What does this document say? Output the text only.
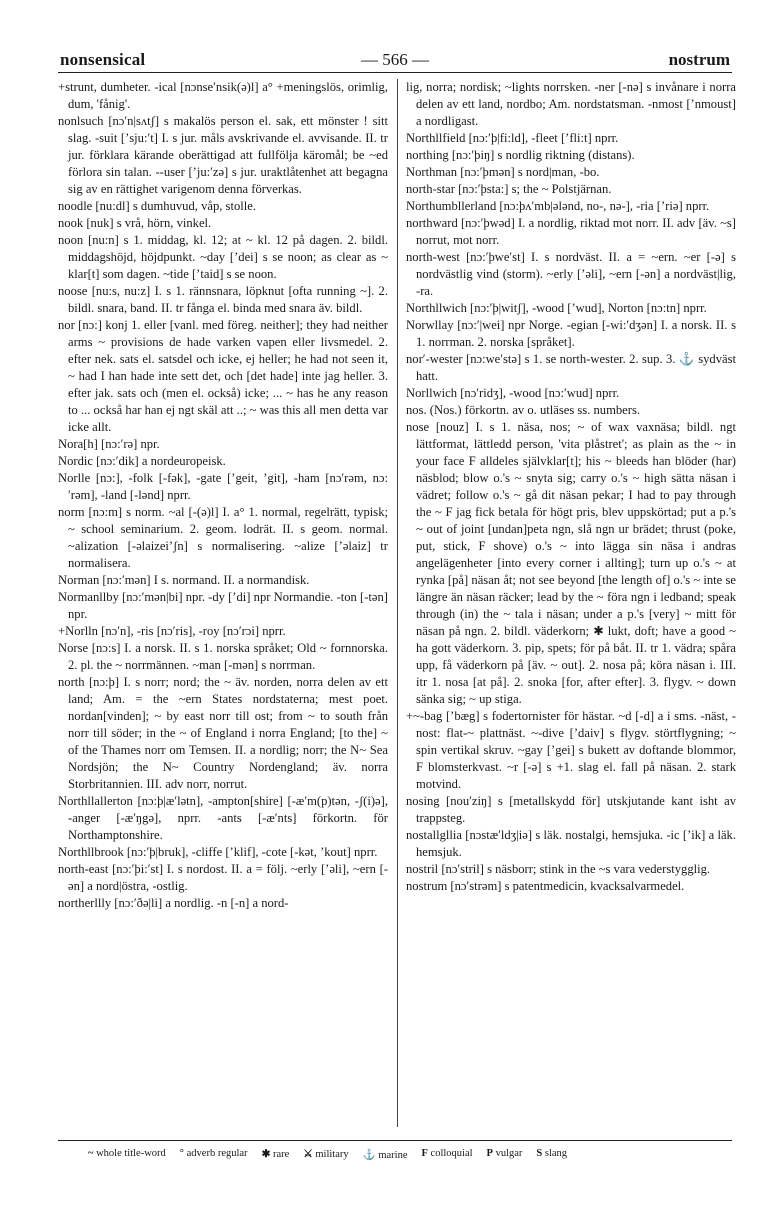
nonsensical	— 566 —	nostrum

+strunt, dumheter. -ical [nɔnse′nsik(ə)l] a° +meningslös, orimlig, dum, 'fånig'.

nonlsuch [nɔ′n|sʌtʃ] s makalös person el. sak, ett mönster ! sitt slag. -suit [ʼsju:′t] I. s jur. måls avskrivande el. avvisande. II. tr jur. förklara kärande oberättigad att fullfölja käromål; be ~ed förlora sin talan. --user [ʼju:′zə] s jur. uraktlåtenhet att begagna sig av en rättighet varigenom denna förverkas.

noodle [nu:dl] s dumhuvud, våp, stolle.

nook [nuk] s vrå, hörn, vinkel.

noon [nu:n] s 1. middag, kl. 12; at ~ kl. 12 på dagen. 2. bildl. middagshöjd, höjdpunkt. ~day [ʼdei] s se noon; as clear as ~ klar[t] som dagen. ~tide [ʼtaid] s se noon.

noose [nu:s, nu:z] I. s 1. rännsnara, löpknut [ofta running ~]. 2. bildl. snara, band. II. tr fånga el. binda med snara äv. bildl.

nor [nɔ:] konj 1. eller [vanl. med föreg. neither]; they had neither arms ~ provisions de hade varken vapen eller livsmedel. 2. efter nek. sats el. satsdel och icke, ej heller; he had not seen it, ~ had I han hade inte sett det, och [det hade] inte jag heller. 3. efter jak. sats och (men el. också) icke; ... ~ has he any reason to ... också har han ej ngt skäl att ..; ~ was this all men detta var icke allt.

Nora[h] [nɔ:′rə] npr.

Nordic [nɔ:′dik] a nordeuropeisk.

Norlle [nɔ:], -folk [-fək], -gate [ʼgeit, ʼgit], -ham [nɔ′rəm, nɔ:′rəm], -land [-lənd] nprr.

norm [nɔ:m] s norm. ~al [-(ə)l] I. a° 1. normal, regelrätt, typisk; ~ school seminarium. 2. geom. lodrät. II. s geom. normal. ~alization [-əlaizeiʼʃn] s normalisering. ~alize [ʼəlaiz] tr normalisera.

Norman [nɔ:′mən] I s. normand. II. a normandisk.

Normanllby [nɔ:′mən|bi] npr. -dy [ʼdi] npr Normandie. -ton [-tən] npr.

+Norlln [nɔ′n], -ris [nɔ′ris], -roy [nɔ′rɔi] nprr.

Norse [nɔ:s] I. a norsk. II. s 1. norska språket; Old ~ fornnorska. 2. pl. the ~ norrmännen. ~man [-mən] s norrman.

north [nɔ:þ] I. s norr; nord; the ~ äv. norden, norra delen av ett land; Am. = the ~ern States nordstaterna; mest poet. nordan[vinden]; ~ by east norr till ost; from ~ to south från norr till söder; in the ~ of England i norra England; [to the] ~ of the Thames norr om Temsen. II. a nordlig; norr; the N~ Sea Nordsjön; the N~ Country Nordengland; äv. norra Storbritannien. III. adv norr, norrut.

Northllallerton [nɔ:þ|æ′lətn], -ampton[shire] [-æ′m(p)tən, -ʃ(i)ə], -anger [-æ′ŋgə], nprr. -ants [-æ′nts] förkortn. för Northamptonshire.

Northllbrook [nɔ:′þ|bruk], -cliffe [ʼklif], -cote [-kət, ʼkout] nprr.

north-east [nɔ:′þi:′st] I. s nordost. II. a = följ. ~erly [ʼəli], ~ern [-ən] a nord|östra, -ostlig.

northerllly [nɔ:′ðə|li] a nordlig. -n [-n] a nord-

lig, norra; nordisk; ~lights norrsken. -ner [-nə] s invånare i norra delen av ett land, nordbo; Am. nordstatsman. -nmost [ʼnmoust] a nordligast.

Northllfield [nɔ:′þ|fi:ld], -fleet [ʼfli:t] nprr.

northing [nɔ:′þiŋ] s nordlig riktning (distans).

Northman [nɔ:′þmən] s nord|man, -bo.

north-star [nɔ:′þsta:] s; the ~ Polstjärnan.

Northumbllerland [nɔ:þʌ′mb|ələnd, no-, nə-], -ria [ʼriə] nprr.

northward [nɔ:′þwəd] I. a nordlig, riktad mot norr. II. adv [äv. ~s] norrut, mot norr.

north-west [nɔ:′þwe′st] I. s nordväst. II. a = ~ern. ~er [-ə] s nordvästlig vind (storm). ~erly [ʼəli], ~ern [-ən] a nordväst|lig, -ra.

Northllwich [nɔ:′þ|witʃ], -wood [ʼwud], Norton [nɔ:tn] nprr.

Norwllay [nɔ:′|wei] npr Norge. -egian [-wi:′dʒən] I. a norsk. II. s 1. norrman. 2. norska [språket].

nor′-wester [nɔ:we′stə] s 1. se north-wester. 2. sup. 3. ⚓ sydväst hatt.

Norllwich [nɔ′ridʒ], -wood [nɔ:′wud] nprr.

nos. (Nos.) förkortn. av o. utläses ss. numbers.

nose [nouz] I. s 1. näsa, nos; ~ of wax vaxnäsa; bildl. ngt lättformat, lättledd person, 'vita plåstret'; as plain as the ~ in your face F alldeles självklar[t]; his ~ bleeds han blöder (har) näsblod; blow o.'s ~ snyta sig; carry o.'s ~ high sätta näsan i vädret; follow o.'s ~ gå dit näsan pekar; I had to pay through the ~ F jag fick betala för högt pris, blev uppskörtad; put a p.'s ~ out of joint [undan]peta ngn, slå ngn ur brädet; thrust (poke, put, stick, F shove) o.'s ~ into lägga sin näsa i andras angelägenheter [into every corner i allting]; turn up o.'s ~ at rynka [på] näsan åt; not see beyond [the length of] o.'s ~ inte se längre än näsan räcker; lead by the ~ föra ngn i ledband; speak through (in) the ~ tala i näsan; under a p.'s [very] ~ mitt för näsan på ngn. 2. bildl. väderkorn; ✱ lukt, doft; have a good ~ ha gott väderkorn. 3. pip, spets; för på båt. II. tr 1. vädra; spåra upp, få väderkorn på [äv. ~ out]. 2. nosa på; köra näsan i. III. itr 1. nosa [at på]. 2. snoka [for, after efter]. 3. flygv. ~ down sänka sig; ~ up stiga.

+~-bag [ʼbæg] s fodertornister för hästar. ~d [-d] a i sms. -näst, -nost: flat-~ plattnäst. ~-dive [ʼdaiv] s flygv. störtflygning; ~ spin vertikal skruv. ~gay [ʼgei] s bukett av doftande blommor, F blomsterkvast. ~r [-ə] s +1. slag el. fall på näsan. 2. stark motvind.

nosing [nou′ziŋ] s [metallskydd för] utskjutande kant isht av trappsteg.

nostallgllia [nɔstæ′ldʒ|iə] s läk. nostalgi, hemsjuka. -ic [ʼik] a läk. hemsjuk.

nostril [nɔ′stril] s näsborr; stink in the ~s vara vederstygglig.

nostrum [nɔ′strəm] s patentmedicin, kvacksalvarmedel.

~ whole title-word ° adverb regular ✱ rare ⚔ military ⚓ marine F colloquial P vulgar S slang
